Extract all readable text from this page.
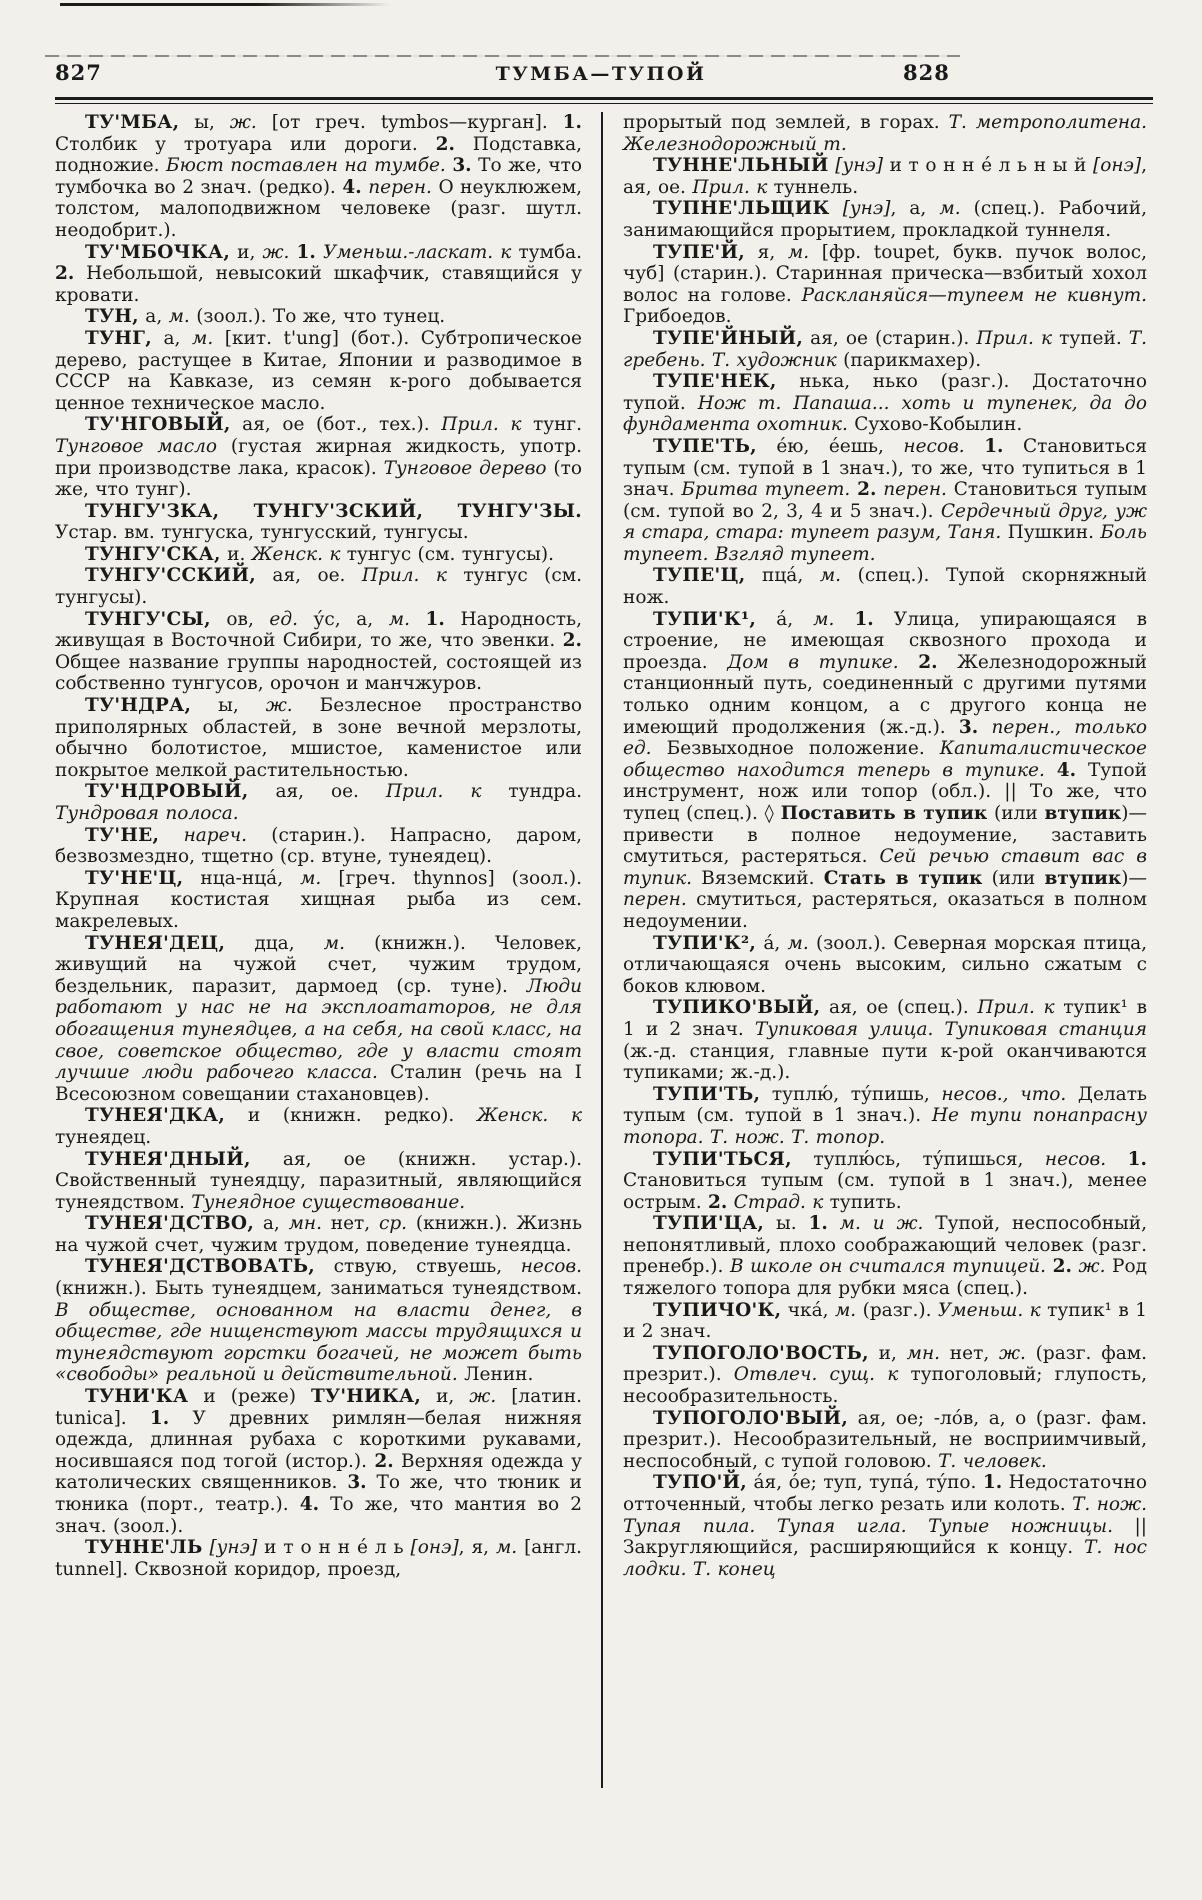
827	ТУМБА—ТУПОЙ	828

ТУ'МБА, ы, ж. [от греч. tymbos—курган]. 1. Столбик у тротуара или дороги. 2. Подставка, подножие. Бюст поставлен на тумбе. 3. То же, что тумбочка во 2 знач. (редко). 4. перен. О неуклюжем, толстом, малоподвижном человеке (разг. шутл. неодобрит.).

ТУ'МБОЧКА, и, ж. 1. Уменьш.-ласкат. к тумба. 2. Небольшой, невысокий шкафчик, ставящийся у кровати.

ТУН, а, м. (зоол.). То же, что тунец.

ТУНГ, а, м. [кит. t'ung] (бот.). Субтропическое дерево, растущее в Китае, Японии и разводимое в СССР на Кавказе, из семян к-рого добывается ценное техническое масло.

ТУ'НГОВЫЙ, ая, ое (бот., тех.). Прил. к тунг. Тунговое масло (густая жирная жидкость, употр. при производстве лака, красок). Тунговое дерево (то же, что тунг).

ТУНГУ'ЗКА, ТУНГУ'ЗСКИЙ, ТУНГУ'ЗЫ. Устар. вм. тунгуска, тунгусский, тунгусы.

ТУНГУ'СКА, и. Женск. к тунгус (см. тунгусы).

ТУНГУ'ССКИЙ, ая, ое. Прил. к тунгус (см. тунгусы).

ТУНГУ'СЫ, ов, ед. у́с, а, м. 1. Народность, живущая в Восточной Сибири, то же, что эвенки. 2. Общее название группы народностей, состоящей из собственно тунгусов, орочон и манчжуров.

ТУ'НДРА, ы, ж. Безлесное пространство приполярных областей, в зоне вечной мерзлоты, обычно болотистое, мшистое, каменистое или покрытое мелкой растительностью.

ТУ'НДРОВЫЙ, ая, ое. Прил. к тундра. Тундровая полоса.

ТУ'НЕ, нареч. (старин.). Напрасно, даром, безвозмездно, тщетно (ср. втуне, тунеядец).

ТУ'НЕ'Ц, нца-нца́, м. [греч. thynnos] (зоол.). Крупная костистая хищная рыба из сем. макрелевых.

ТУНЕЯ'ДЕЦ, дца, м. (книжн.). Человек, живущий на чужой счет, чужим трудом, бездельник, паразит, дармоед (ср. туне). Люди работают у нас не на эксплоататоров, не для обогащения тунеядцев, а на себя, на свой класс, на свое, советское общество, где у власти стоят лучшие люди рабочего класса. Сталин (речь на I Всесоюзном совещании стахановцев).

ТУНЕЯ'ДКА, и (книжн. редко). Женск. к тунеядец.

ТУНЕЯ'ДНЫЙ, ая, ое (книжн. устар.). Свойственный тунеядцу, паразитный, являющийся тунеядством. Тунеядное существование.

ТУНЕЯ'ДСТВО, а, мн. нет, ср. (книжн.). Жизнь на чужой счет, чужим трудом, поведение тунеядца.

ТУНЕЯ'ДСТВОВАТЬ, ствую, ствуешь, несов. (книжн.). Быть тунеядцем, заниматься тунеядством. В обществе, основанном на власти денег, в обществе, где нищенствуют массы трудящихся и тунеядствуют горстки богачей, не может быть «свободы» реальной и действительной. Ленин.

ТУНИ'КА и (реже) ТУ'НИКА, и, ж. [латин. tunica]. 1. У древних римлян—белая нижняя одежда, длинная рубаха с короткими рукавами, носившаяся под тогой (истор.). 2. Верхняя одежда у католических священников. 3. То же, что тюник и тюника (порт., театр.). 4. То же, что мантия во 2 знач. (зоол.).

ТУННЕ'ЛЬ [унэ] и т о н н е́ л ь [онэ], я, м. [англ. tunnel]. Сквозной коридор, проезд,

прорытый под землей, в горах. Т. метрополитена. Железнодорожный т.

ТУННЕ'ЛЬНЫЙ [унэ] и т о н н е́ л ь н ы й [онэ], ая, ое. Прил. к туннель.

ТУПНЕ'ЛЬЩИК [унэ], а, м. (спец.). Рабочий, занимающийся прорытием, прокладкой туннеля.

ТУПЕ'Й, я, м. [фр. toupet, букв. пучок волос, чуб] (старин.). Старинная прическа—взбитый хохол волос на голове. Раскланяйся—тупеем не кивнут. Грибоедов.

ТУПЕ'ЙНЫЙ, ая, ое (старин.). Прил. к тупей. Т. гребень. Т. художник (парикмахер).

ТУПЕ'НЕК, нька, нько (разг.). Достаточно тупой. Нож т. Папаша... хоть и тупенек, да до фундамента охотник. Сухово-Кобылин.

ТУПЕ'ТЬ, е́ю, е́ешь, несов. 1. Становиться тупым (см. тупой в 1 знач.), то же, что тупиться в 1 знач. Бритва тупеет. 2. перен. Становиться тупым (см. тупой во 2, 3, 4 и 5 знач.). Сердечный друг, уж я стара, стара: тупеет разум, Таня. Пушкин. Боль тупеет. Взгляд тупеет.

ТУПЕ'Ц, пца́, м. (спец.). Тупой скорняжный нож.

ТУПИ'К¹, а́, м. 1. Улица, упирающаяся в строение, не имеющая сквозного прохода и проезда. Дом в тупике. 2. Железнодорожный станционный путь, соединенный с другими путями только одним концом, а с другого конца не имеющий продолжения (ж.-д.). 3. перен., только ед. Безвыходное положение. Капиталистическое общество находится теперь в тупике. 4. Тупой инструмент, нож или топор (обл.). || То же, что тупец (спец.). ◊ Поставить в тупик (или втупик)—привести в полное недоумение, заставить смутиться, растеряться. Сей речью ставит вас в тупик. Вяземский. Стать в тупик (или втупик)—перен. смутиться, растеряться, оказаться в полном недоумении.

ТУПИ'К², а́, м. (зоол.). Северная морская птица, отличающаяся очень высоким, сильно сжатым с боков клювом.

ТУПИКО'ВЫЙ, ая, ое (спец.). Прил. к тупик¹ в 1 и 2 знач. Тупиковая улица. Тупиковая станция (ж.-д. станция, главные пути к-рой оканчиваются тупиками; ж.-д.).

ТУПИ'ТЬ, туплю́, ту́пишь, несов., что. Делать тупым (см. тупой в 1 знач.). Не тупи понапрасну топора. Т. нож. Т. топор.

ТУПИ'ТЬСЯ, туплю́сь, ту́пишься, несов. 1. Становиться тупым (см. тупой в 1 знач.), менее острым. 2. Страд. к тупить.

ТУПИ'ЦА, ы. 1. м. и ж. Тупой, неспособный, непонятливый, плохо соображающий человек (разг. пренебр.). В школе он считался тупицей. 2. ж. Род тяжелого топора для рубки мяса (спец.).

ТУПИЧО'К, чка́, м. (разг.). Уменьш. к тупик¹ в 1 и 2 знач.

ТУПОГОЛО'ВОСТЬ, и, мн. нет, ж. (разг. фам. презрит.). Отвлеч. сущ. к тупоголовый; глупость, несообразительность.

ТУПОГОЛО'ВЫЙ, ая, ое; -ло́в, а, о (разг. фам. презрит.). Несообразительный, не восприимчивый, неспособный, с тупой головою. Т. человек.

ТУПО'Й, а́я, о́е; туп, тупа́, ту́по. 1. Недостаточно отточенный, чтобы легко резать или колоть. Т. нож. Тупая пила. Тупая игла. Тупые ножницы. || Закругляющийся, расширяющийся к концу. Т. нос лодки. Т. конец
